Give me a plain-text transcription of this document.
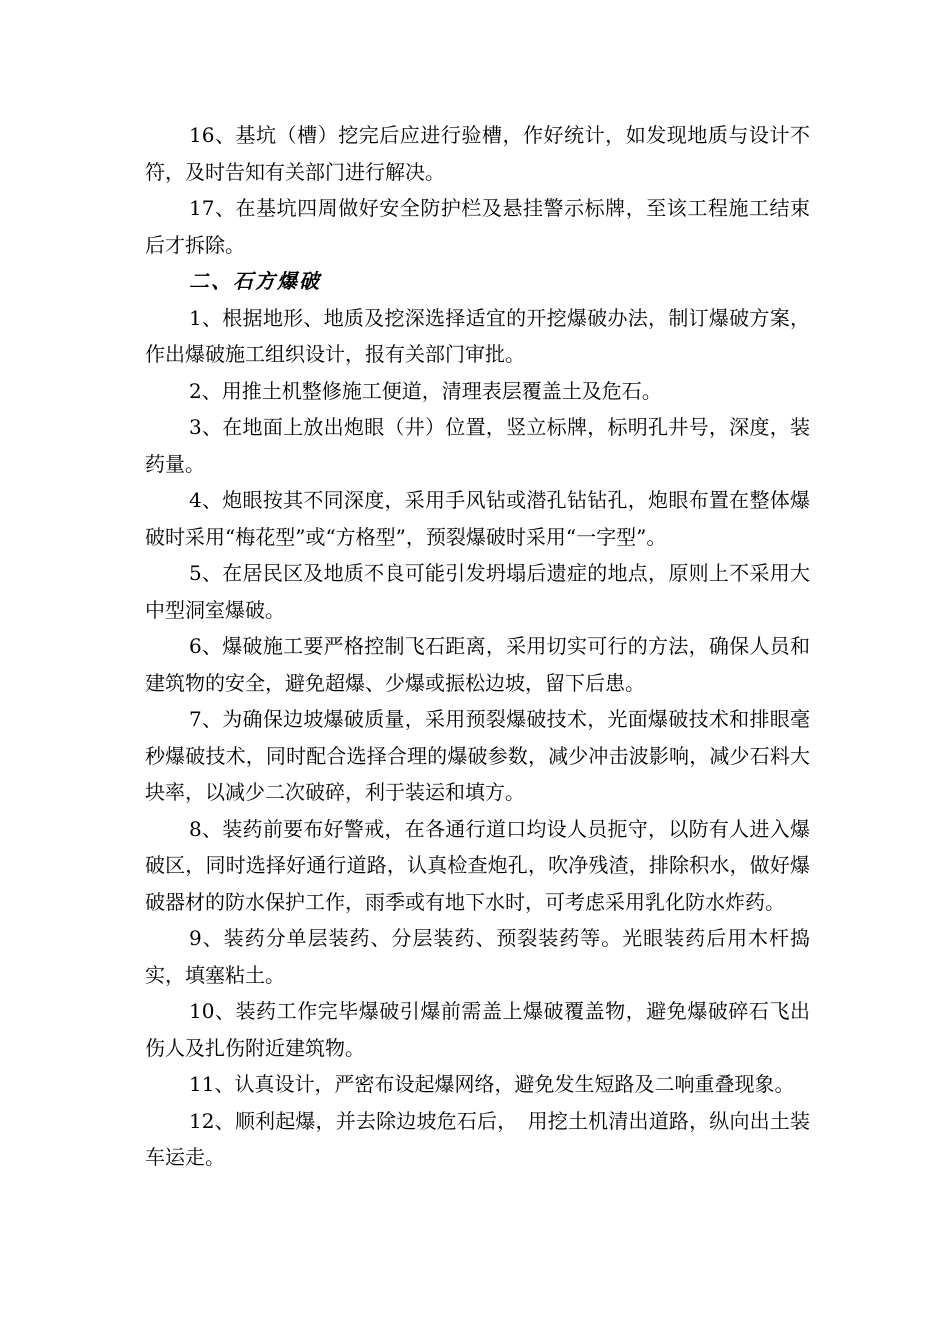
16、基坑（槽）挖完后应进行验槽，作好统计，如发现地质与设计不符，及时告知有关部门进行解决。

17、在基坑四周做好安全防护栏及悬挂警示标牌，至该工程施工结束后才拆除。

二、石方爆破

1、根据地形、地质及挖深选择适宜的开挖爆破办法，制订爆破方案，作出爆破施工组织设计，报有关部门审批。

2、用推土机整修施工便道，清理表层覆盖土及危石。

3、在地面上放出炮眼（井）位置，竖立标牌，标明孔井号，深度，装药量。

4、炮眼按其不同深度，采用手风钻或潜孔钻钻孔，炮眼布置在整体爆破时采用“梅花型”或“方格型”，预裂爆破时采用“一字型”。

5、在居民区及地质不良可能引发坍塌后遗症的地点，原则上不采用大中型洞室爆破。

6、爆破施工要严格控制飞石距离，采用切实可行的方法，确保人员和建筑物的安全，避免超爆、少爆或振松边坡，留下后患。

7、为确保边坡爆破质量，采用预裂爆破技术，光面爆破技术和排眼毫秒爆破技术，同时配合选择合理的爆破参数，减少冲击波影响，减少石料大块率，以减少二次破碎，利于装运和填方。

8、装药前要布好警戒，在各通行道口均设人员扼守，以防有人进入爆破区，同时选择好通行道路，认真检查炮孔，吹净残渣，排除积水，做好爆破器材的防水保护工作，雨季或有地下水时，可考虑采用乳化防水炸药。

9、装药分单层装药、分层装药、预裂装药等。光眼装药后用木杆捣实，填塞粘土。

10、装药工作完毕爆破引爆前需盖上爆破覆盖物，避免爆破碎石飞出伤人及扎伤附近建筑物。

11、认真设计，严密布设起爆网络，避免发生短路及二响重叠现象。

12、顺利起爆，并去除边坡危石后，　用挖土机清出道路，纵向出土装车运走。
